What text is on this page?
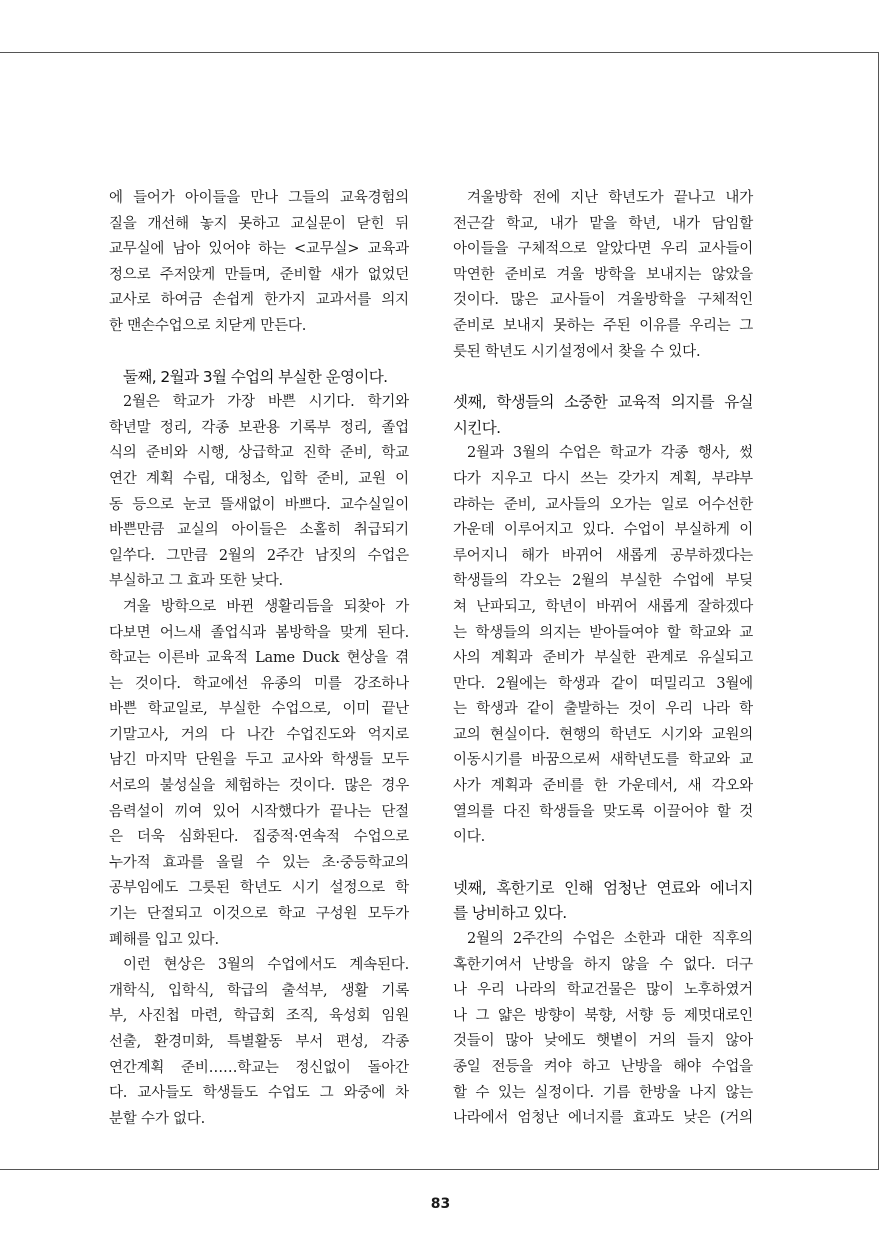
에 들어가 아이들을 만나 그들의 교육경험의
질을 개선해 놓지 못하고 교실문이 닫힌 뒤
교무실에 남아 있어야 하는 <교무실> 교육과
정으로 주저앉게 만들며, 준비할 새가 없었던
교사로 하여금 손쉽게 한가지 교과서를 의지
한 맨손수업으로 치닫게 만든다.
둘째, 2월과 3월 수업의 부실한 운영이다.
2월은 학교가 가장 바쁜 시기다. 학기와
학년말 정리, 각종 보관용 기록부 정리, 졸업
식의 준비와 시행, 상급학교 진학 준비, 학교
연간 계획 수립, 대청소, 입학 준비, 교원 이
동 등으로 눈코 뜰새없이 바쁘다. 교수실일이
바쁜만큼 교실의 아이들은 소홀히 취급되기
일쑤다. 그만큼 2월의 2주간 남짓의 수업은
부실하고 그 효과 또한 낮다.
겨울 방학으로 바뀐 생활리듬을 되찾아 가
다보면 어느새 졸업식과 봄방학을 맞게 된다.
학교는 이른바 교육적 Lame Duck 현상을 겪
는 것이다. 학교에선 유종의 미를 강조하나
바쁜 학교일로, 부실한 수업으로, 이미 끝난
기말고사, 거의 다 나간 수업진도와 억지로
남긴 마지막 단원을 두고 교사와 학생들 모두
서로의 불성실을 체험하는 것이다. 많은 경우
음력설이 끼여 있어 시작했다가 끝나는 단절
은 더욱 심화된다. 집중적·연속적 수업으로
누가적 효과를 올릴 수 있는 초·중등학교의
공부임에도 그릇된 학년도 시기 설정으로 학
기는 단절되고 이것으로 학교 구성원 모두가
폐해를 입고 있다.
이런 현상은 3월의 수업에서도 계속된다.
개학식, 입학식, 학급의 출석부, 생활 기록
부, 사진첩 마련, 학급회 조직, 육성회 임원
선출, 환경미화, 특별활동 부서 편성, 각종
연간계획 준비……학교는 정신없이 돌아간
다. 교사들도 학생들도 수업도 그 와중에 차
분할 수가 없다.
겨울방학 전에 지난 학년도가 끝나고 내가
전근갈 학교, 내가 맡을 학년, 내가 담임할
아이들을 구체적으로 알았다면 우리 교사들이
막연한 준비로 겨울 방학을 보내지는 않았을
것이다. 많은 교사들이 겨울방학을 구체적인
준비로 보내지 못하는 주된 이유를 우리는 그
릇된 학년도 시기설정에서 찾을 수 있다.
셋째, 학생들의 소중한 교육적 의지를 유실
시킨다.
2월과 3월의 수업은 학교가 각종 행사, 썼
다가 지우고 다시 쓰는 갖가지 계획, 부랴부
랴하는 준비, 교사들의 오가는 일로 어수선한
가운데 이루어지고 있다. 수업이 부실하게 이
루어지니 해가 바뀌어 새롭게 공부하겠다는
학생들의 각오는 2월의 부실한 수업에 부딪
쳐 난파되고, 학년이 바뀌어 새롭게 잘하겠다
는 학생들의 의지는 받아들여야 할 학교와 교
사의 계획과 준비가 부실한 관계로 유실되고
만다. 2월에는 학생과 같이 떠밀리고 3월에
는 학생과 같이 출발하는 것이 우리 나라 학
교의 현실이다. 현행의 학년도 시기와 교원의
이동시기를 바꿈으로써 새학년도를 학교와 교
사가 계획과 준비를 한 가운데서, 새 각오와
열의를 다진 학생들을 맞도록 이끌어야 할 것
이다.
넷째, 혹한기로 인해 엄청난 연료와 에너지
를 낭비하고 있다.
2월의 2주간의 수업은 소한과 대한 직후의
혹한기여서 난방을 하지 않을 수 없다. 더구
나 우리 나라의 학교건물은 많이 노후하였거
나 그 얇은 방향이 북향, 서향 등 제멋대로인
것들이 많아 낮에도 햇볕이 거의 들지 않아
종일 전등을 켜야 하고 난방을 해야 수업을
할 수 있는 실정이다. 기름 한방울 나지 않는
나라에서 엄청난 에너지를 효과도 낮은 (거의
83
